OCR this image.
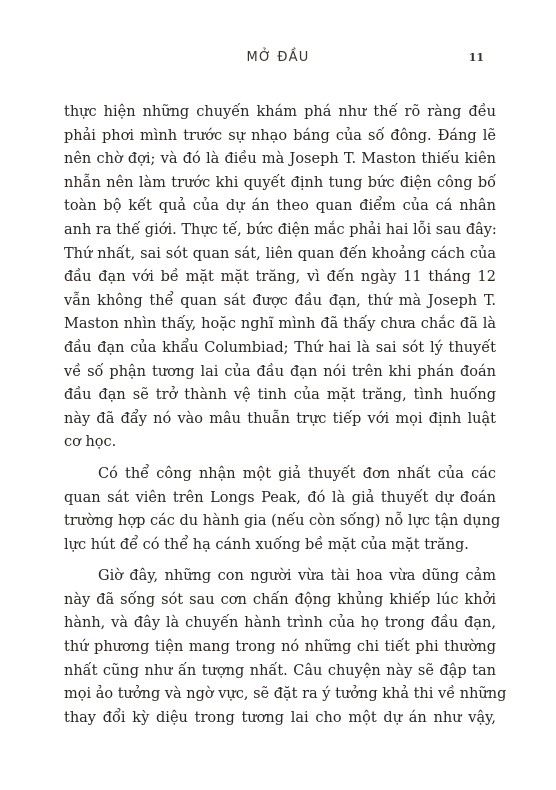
MỞ ĐẦU	11

thực hiện những chuyến khám phá như thế rõ ràng đều
phải phơi mình trước sự nhạo báng của số đông. Đáng lẽ
nên chờ đợi; và đó là điều mà Joseph T. Maston thiếu kiên
nhẫn nên làm trước khi quyết định tung bức điện công bố
toàn bộ kết quả của dự án theo quan điểm của cá nhân
anh ra thế giới. Thực tế, bức điện mắc phải hai lỗi sau đây:
Thứ nhất, sai sót quan sát, liên quan đến khoảng cách của
đầu đạn với bề mặt mặt trăng, vì đến ngày 11 tháng 12
vẫn không thể quan sát được đầu đạn, thứ mà Joseph T.
Maston nhìn thấy, hoặc nghĩ mình đã thấy chưa chắc đã là
đầu đạn của khẩu Columbiad; Thứ hai là sai sót lý thuyết
về số phận tương lai của đầu đạn nói trên khi phán đoán
đầu đạn sẽ trở thành vệ tinh của mặt trăng, tình huống
này đã đẩy nó vào mâu thuẫn trực tiếp với mọi định luật
cơ học.

Có thể công nhận một giả thuyết đơn nhất của các
quan sát viên trên Longs Peak, đó là giả thuyết dự đoán
trường hợp các du hành gia (nếu còn sống) nỗ lực tận dụng
lực hút để có thể hạ cánh xuống bề mặt của mặt trăng.

Giờ đây, những con người vừa tài hoa vừa dũng cảm
này đã sống sót sau cơn chấn động khủng khiếp lúc khởi
hành, và đây là chuyến hành trình của họ trong đầu đạn,
thứ phương tiện mang trong nó những chi tiết phi thường
nhất cũng như ấn tượng nhất. Câu chuyện này sẽ đập tan
mọi ảo tưởng và ngờ vực, sẽ đặt ra ý tưởng khả thi về những
thay đổi kỳ diệu trong tương lai cho một dự án như vậy,
